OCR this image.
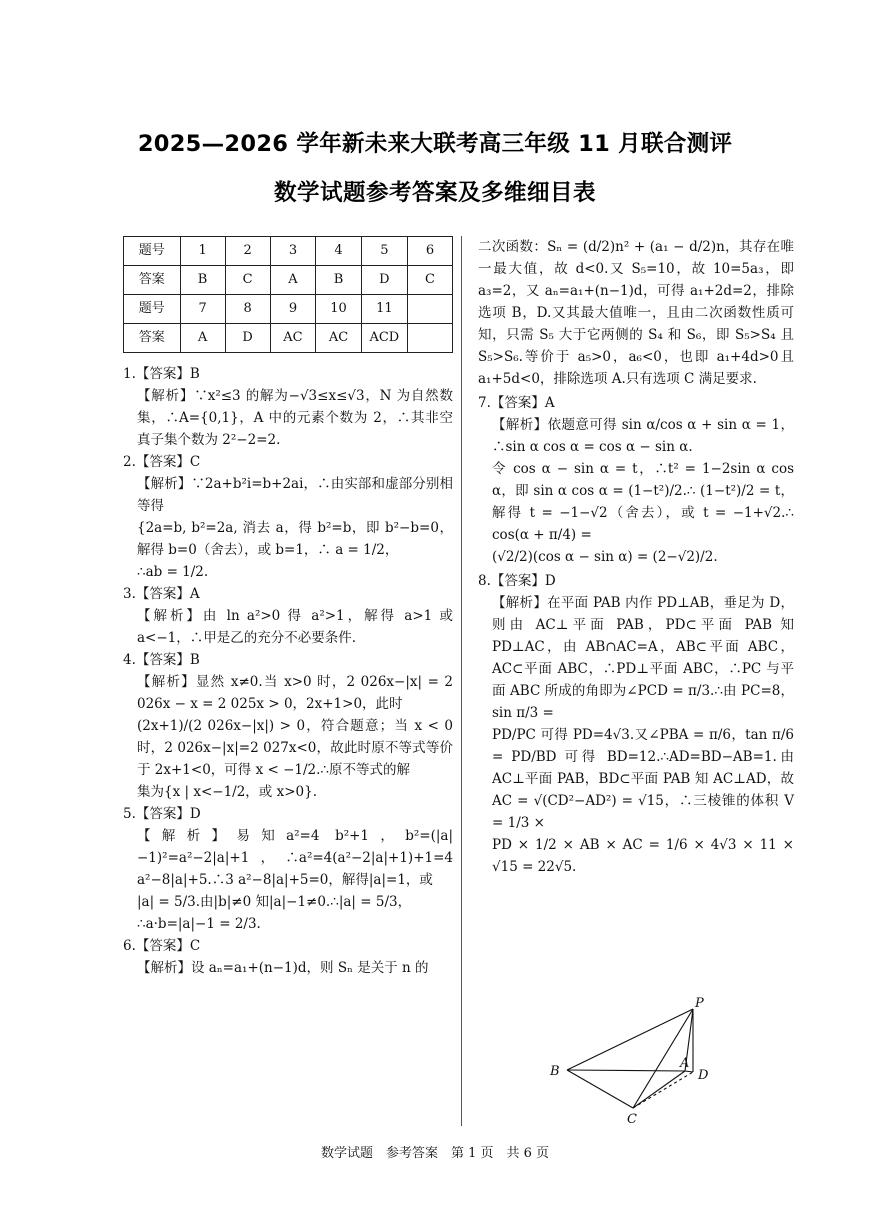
2025—2026 学年新未来大联考高三年级 11 月联合测评
数学试题参考答案及多维细目表
题号	1	2	3	4	5	6
答案	B	C	A	B	D	C
题号	7	8	9	10	11	
答案	A	D	AC	AC	ACD	

1.【答案】B

【解析】∵x²≤3 的解为−√3≤x≤√3，N 为自然数集，∴A={0,1}，A 中的元素个数为 2，∴其非空真子集个数为 2²−2=2.

2.【答案】C

【解析】∵2a+b²i=b+2ai，∴由实部和虚部分别相等得

{2a=b, b²=2a, 消去 a，得 b²=b，即 b²−b=0，解得 b=0（舍去），或 b=1，∴ a = 1/2，

∴ab = 1/2.

3.【答案】A

【解析】由 ln a²>0 得 a²>1，解得 a>1 或 a<−1，∴甲是乙的充分不必要条件.

4.【答案】B

【解析】显然 x≠0.当 x>0 时，2 026x−|x| = 2 026x − x = 2 025x > 0，2x+1>0，此时

(2x+1)/(2 026x−|x|) > 0，符合题意；当 x < 0 时，2 026x−|x|=2 027x<0，故此时原不等式等价于 2x+1<0，可得 x < −1/2.∴原不等式的解

集为{x | x<−1/2，或 x>0}.

5.【答案】D

【解析】易知a²=4 b²+1，b²=(|a|−1)²=a²−2|a|+1，∴a²=4(a²−2|a|+1)+1=4 a²−8|a|+5.∴3 a²−8|a|+5=0，解得|a|=1，或

|a| = 5/3.由|b|≠0 知|a|−1≠0.∴|a| = 5/3，

∴a·b=|a|−1 = 2/3.

6.【答案】C

【解析】设 aₙ=a₁+(n−1)d，则 Sₙ 是关于 n 的

二次函数：Sₙ = (d/2)n² + (a₁ − d/2)n，其存在唯一最大值，故 d<0.又 S₅=10，故 10=5a₃，即 a₃=2，又 aₙ=a₁+(n−1)d，可得 a₁+2d=2，排除选项 B，D.又其最大值唯一，且由二次函数性质可知，只需 S₅ 大于它两侧的 S₄ 和 S₆，即 S₅>S₄ 且 S₅>S₆.等价于 a₅>0，a₆<0，也即 a₁+4d>0且 a₁+5d<0，排除选项 A.只有选项 C 满足要求.

7.【答案】A

【解析】依题意可得 sin α/cos α + sin α = 1，∴sin α cos α = cos α − sin α.

令 cos α − sin α = t，∴t² = 1−2sin α cos α，即 sin α cos α = (1−t²)/2.∴ (1−t²)/2 = t，解得 t = −1−√2（舍去），或 t = −1+√2.∴ cos(α + π/4) =

(√2/2)(cos α − sin α) = (2−√2)/2.

8.【答案】D

【解析】在平面 PAB 内作 PD⊥AB，垂足为 D，则由 AC⊥平面 PAB，PD⊂平面 PAB 知 PD⊥AC，由 AB∩AC=A，AB⊂平面 ABC，AC⊂平面 ABC，∴PD⊥平面 ABC，∴PC 与平面 ABC 所成的角即为∠PCD = π/3.∴由 PC=8，sin π/3 =

PD/PC 可得 PD=4√3.又∠PBA = π/6，tan π/6 = PD/BD 可得 BD=12.∴AD=BD−AB=1.由 AC⊥平面 PAB，BD⊂平面 PAB 知 AC⊥AD，故 AC = √(CD²−AD²) = √15，∴三棱锥的体积 V = 1/3 ×

PD × 1/2 × AB × AC = 1/6 × 4√3 × 11 × √15 = 22√5.

P
A
B
C
D
数学试题　参考答案　第 1 页　共 6 页
